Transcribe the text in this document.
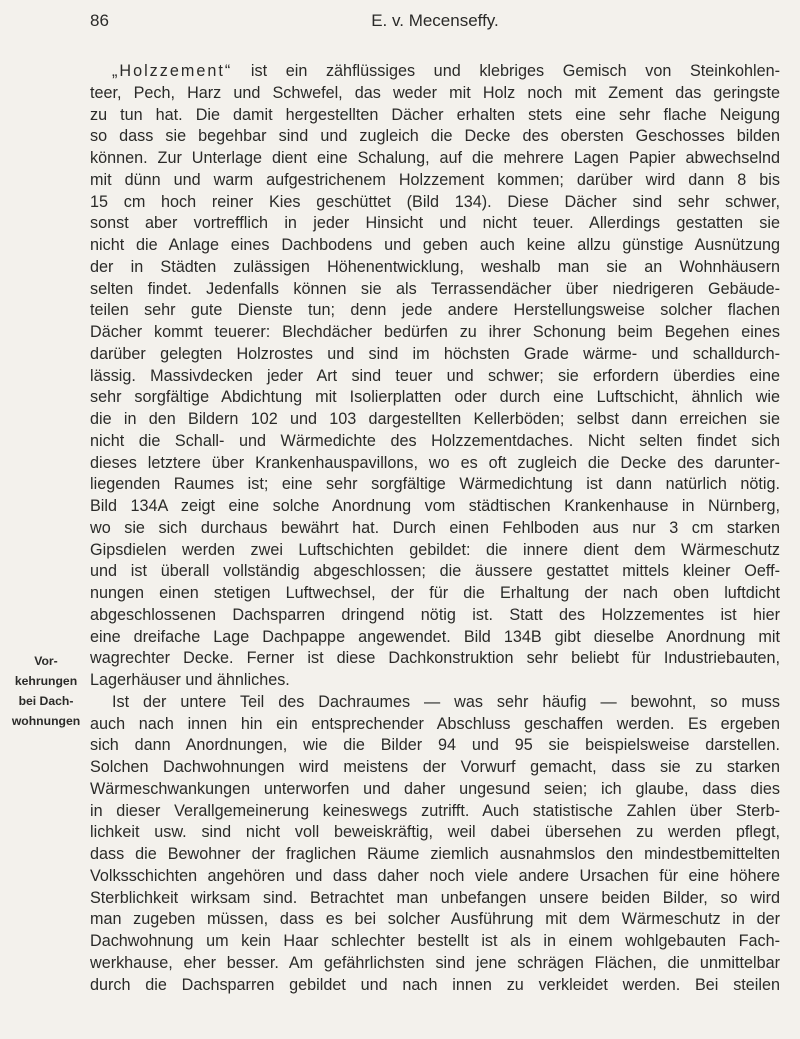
86	E. v. Mecenseffy.
Vor-
kehrungen
bei Dach-
wohnungen
„Holzzement“ ist ein zähflüssiges und klebriges Gemisch von Steinkohlen-
teer, Pech, Harz und Schwefel, das weder mit Holz noch mit Zement das geringste
zu tun hat. Die damit hergestellten Dächer erhalten stets eine sehr flache Neigung
so dass sie begehbar sind und zugleich die Decke des obersten Geschosses bilden
können. Zur Unterlage dient eine Schalung, auf die mehrere Lagen Papier abwechselnd
mit dünn und warm aufgestrichenem Holzzement kommen; darüber wird dann 8 bis
15 cm hoch reiner Kies geschüttet (Bild 134). Diese Dächer sind sehr schwer,
sonst aber vortrefflich in jeder Hinsicht und nicht teuer. Allerdings gestatten sie
nicht die Anlage eines Dachbodens und geben auch keine allzu günstige Ausnützung
der in Städten zulässigen Höhenentwicklung, weshalb man sie an Wohnhäusern
selten findet. Jedenfalls können sie als Terrassendächer über niedrigeren Gebäude-
teilen sehr gute Dienste tun; denn jede andere Herstellungsweise solcher flachen
Dächer kommt teuerer: Blechdächer bedürfen zu ihrer Schonung beim Begehen eines
darüber gelegten Holzrostes und sind im höchsten Grade wärme- und schalldurch-
lässig. Massivdecken jeder Art sind teuer und schwer; sie erfordern überdies eine
sehr sorgfältige Abdichtung mit Isolierplatten oder durch eine Luftschicht, ähnlich wie
die in den Bildern 102 und 103 dargestellten Kellerböden; selbst dann erreichen sie
nicht die Schall- und Wärmedichte des Holzzementdaches. Nicht selten findet sich
dieses letztere über Krankenhauspavillons, wo es oft zugleich die Decke des darunter-
liegenden Raumes ist; eine sehr sorgfältige Wärmedichtung ist dann natürlich nötig.
Bild 134A zeigt eine solche Anordnung vom städtischen Krankenhause in Nürnberg,
wo sie sich durchaus bewährt hat. Durch einen Fehlboden aus nur 3 cm starken
Gipsdielen werden zwei Luftschichten gebildet: die innere dient dem Wärmeschutz
und ist überall vollständig abgeschlossen; die äussere gestattet mittels kleiner Oeff-
nungen einen stetigen Luftwechsel, der für die Erhaltung der nach oben luftdicht
abgeschlossenen Dachsparren dringend nötig ist. Statt des Holzzementes ist hier
eine dreifache Lage Dachpappe angewendet. Bild 134B gibt dieselbe Anordnung mit
wagrechter Decke. Ferner ist diese Dachkonstruktion sehr beliebt für Industriebauten,
Lagerhäuser und ähnliches.
Ist der untere Teil des Dachraumes — was sehr häufig — bewohnt, so muss
auch nach innen hin ein entsprechender Abschluss geschaffen werden. Es ergeben
sich dann Anordnungen, wie die Bilder 94 und 95 sie beispielsweise darstellen.
Solchen Dachwohnungen wird meistens der Vorwurf gemacht, dass sie zu starken
Wärmeschwankungen unterworfen und daher ungesund seien; ich glaube, dass dies
in dieser Verallgemeinerung keineswegs zutrifft. Auch statistische Zahlen über Sterb-
lichkeit usw. sind nicht voll beweiskräftig, weil dabei übersehen zu werden pflegt,
dass die Bewohner der fraglichen Räume ziemlich ausnahmslos den mindestbemittelten
Volksschichten angehören und dass daher noch viele andere Ursachen für eine höhere
Sterblichkeit wirksam sind. Betrachtet man unbefangen unsere beiden Bilder, so wird
man zugeben müssen, dass es bei solcher Ausführung mit dem Wärmeschutz in der
Dachwohnung um kein Haar schlechter bestellt ist als in einem wohlgebauten Fach-
werkhause, eher besser. Am gefährlichsten sind jene schrägen Flächen, die unmittelbar
durch die Dachsparren gebildet und nach innen zu verkleidet werden. Bei steilen
